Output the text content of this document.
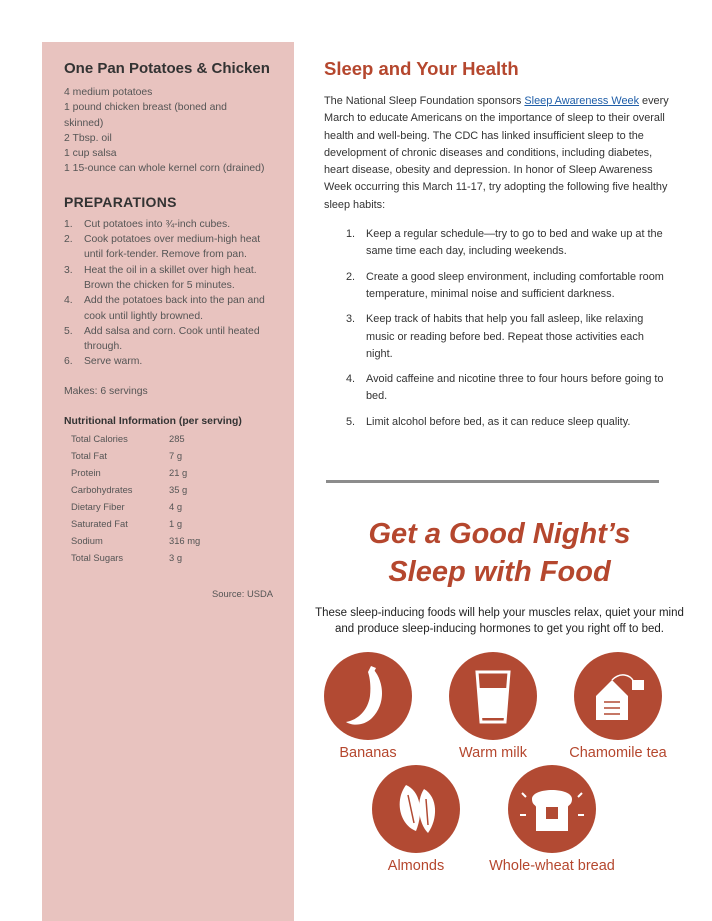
One Pan Potatoes & Chicken
4 medium potatoes
1 pound chicken breast (boned and
skinned)
2 Tbsp. oil
1 cup salsa
1 15-ounce can whole kernel corn (drained)
PREPARATIONS
1.	Cut potatoes into ¾-inch cubes.
2.	Cook potatoes over medium-high heat
until fork-tender. Remove from pan.
3.	Heat the oil in a skillet over high heat.
Brown the chicken for 5 minutes.
4.	Add the potatoes back into the pan and
cook until lightly browned.
5.	Add salsa and corn. Cook until heated
through.
6.	Serve warm.

Makes: 6 servings

Nutritional Information (per serving)

Total Calories	285
Total Fat	7 g
Protein	21 g
Carbohydrates	35 g
Dietary Fiber	4 g
Saturated Fat	1 g
Sodium	316 mg
Total Sugars	3 g

Source: USDA

Sleep and Your Health

The National Sleep Foundation sponsors Sleep Awareness Week every March to educate Americans on the importance of sleep to their overall health and well-being. The CDC has linked insufficient sleep to the development of chronic diseases and conditions, including diabetes, heart disease, obesity and depression. In honor of Sleep Awareness Week occurring this March 11-17, try adopting the following five healthy sleep habits:

1.	Keep a regular schedule—try to go to bed and wake up at the same time each day, including weekends.
2.	Create a good sleep environment, including comfortable room temperature, minimal noise and sufficient darkness.
3.	Keep track of habits that help you fall asleep, like relaxing music or reading before bed. Repeat those activities each night.
4.	Avoid caffeine and nicotine three to four hours before going to bed.
5.	Limit alcohol before bed, as it can reduce sleep quality.
Get a Good Night’s
Sleep with Food

These sleep-inducing foods will help your muscles relax, quiet your mind and produce sleep-inducing hormones to get you right off to bed.

Bananas	Warm milk	Chamomile tea
Almonds	Whole-wheat bread
